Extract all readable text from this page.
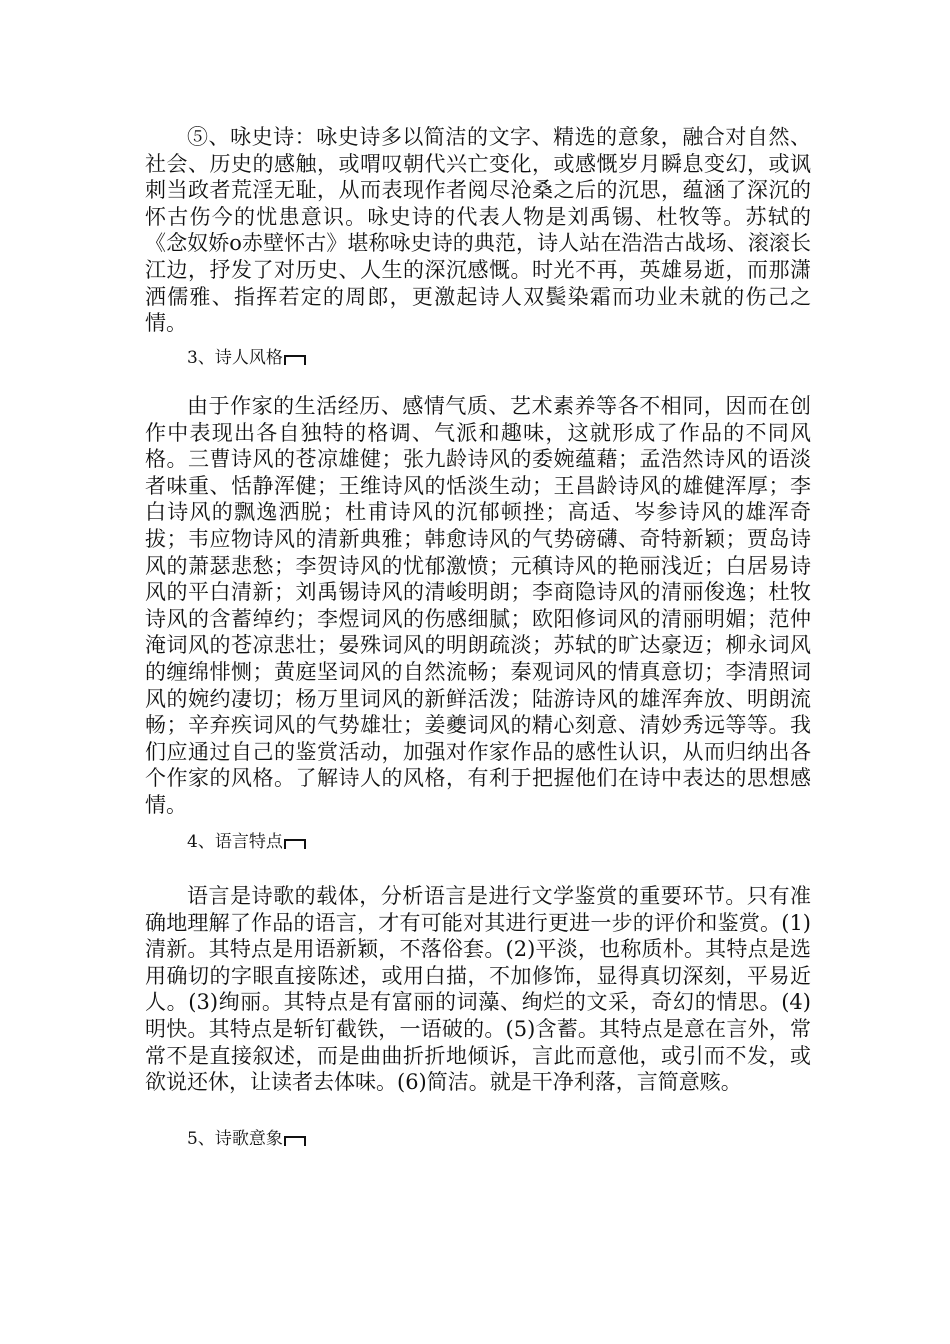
⑤、咏史诗：咏史诗多以简洁的文字、精选的意象，融合对自然、社会、历史的感触，或喟叹朝代兴亡变化，或感慨岁月瞬息变幻，或讽刺当政者荒淫无耻，从而表现作者阅尽沧桑之后的沉思，蕴涵了深沉的怀古伤今的忧患意识。咏史诗的代表人物是刘禹锡、杜牧等。苏轼的《念奴娇ο赤壁怀古》堪称咏史诗的典范，诗人站在浩浩古战场、滚滚长江边，抒发了对历史、人生的深沉感慨。时光不再，英雄易逝，而那潇洒儒雅、指挥若定的周郎，更激起诗人双鬓染霜而功业未就的伤己之情。

3、诗人风格

由于作家的生活经历、感情气质、艺术素养等各不相同，因而在创作中表现出各自独特的格调、气派和趣味，这就形成了作品的不同风格。三曹诗风的苍凉雄健；张九龄诗风的委婉蕴藉；孟浩然诗风的语淡者味重、恬静浑健；王维诗风的恬淡生动；王昌龄诗风的雄健浑厚；李白诗风的飘逸洒脱；杜甫诗风的沉郁顿挫；高适、岑参诗风的雄浑奇拔；韦应物诗风的清新典雅；韩愈诗风的气势磅礴、奇特新颖；贾岛诗风的萧瑟悲愁；李贺诗风的忧郁激愤；元稹诗风的艳丽浅近；白居易诗风的平白清新；刘禹锡诗风的清峻明朗；李商隐诗风的清丽俊逸；杜牧诗风的含蓄绰约；李煜词风的伤感细腻；欧阳修词风的清丽明媚；范仲淹词风的苍凉悲壮；晏殊词风的明朗疏淡；苏轼的旷达豪迈；柳永词风的缠绵悱恻；黄庭坚词风的自然流畅；秦观词风的情真意切；李清照词风的婉约凄切；杨万里词风的新鲜活泼；陆游诗风的雄浑奔放、明朗流畅；辛弃疾词风的气势雄壮；姜夔词风的精心刻意、清妙秀远等等。我们应通过自己的鉴赏活动，加强对作家作品的感性认识，从而归纳出各个作家的风格。了解诗人的风格，有利于把握他们在诗中表达的思想感情。

4、语言特点

语言是诗歌的载体，分析语言是进行文学鉴赏的重要环节。只有准确地理解了作品的语言，才有可能对其进行更进一步的评价和鉴赏。(1)清新。其特点是用语新颖，不落俗套。(2)平淡，也称质朴。其特点是选用确切的字眼直接陈述，或用白描，不加修饰，显得真切深刻，平易近人。(3)绚丽。其特点是有富丽的词藻、绚烂的文采，奇幻的情思。(4)明快。其特点是斩钉截铁，一语破的。(5)含蓄。其特点是意在言外，常常不是直接叙述，而是曲曲折折地倾诉，言此而意他，或引而不发，或欲说还休，让读者去体味。(6)简洁。就是干净利落，言简意赅。

5、诗歌意象
